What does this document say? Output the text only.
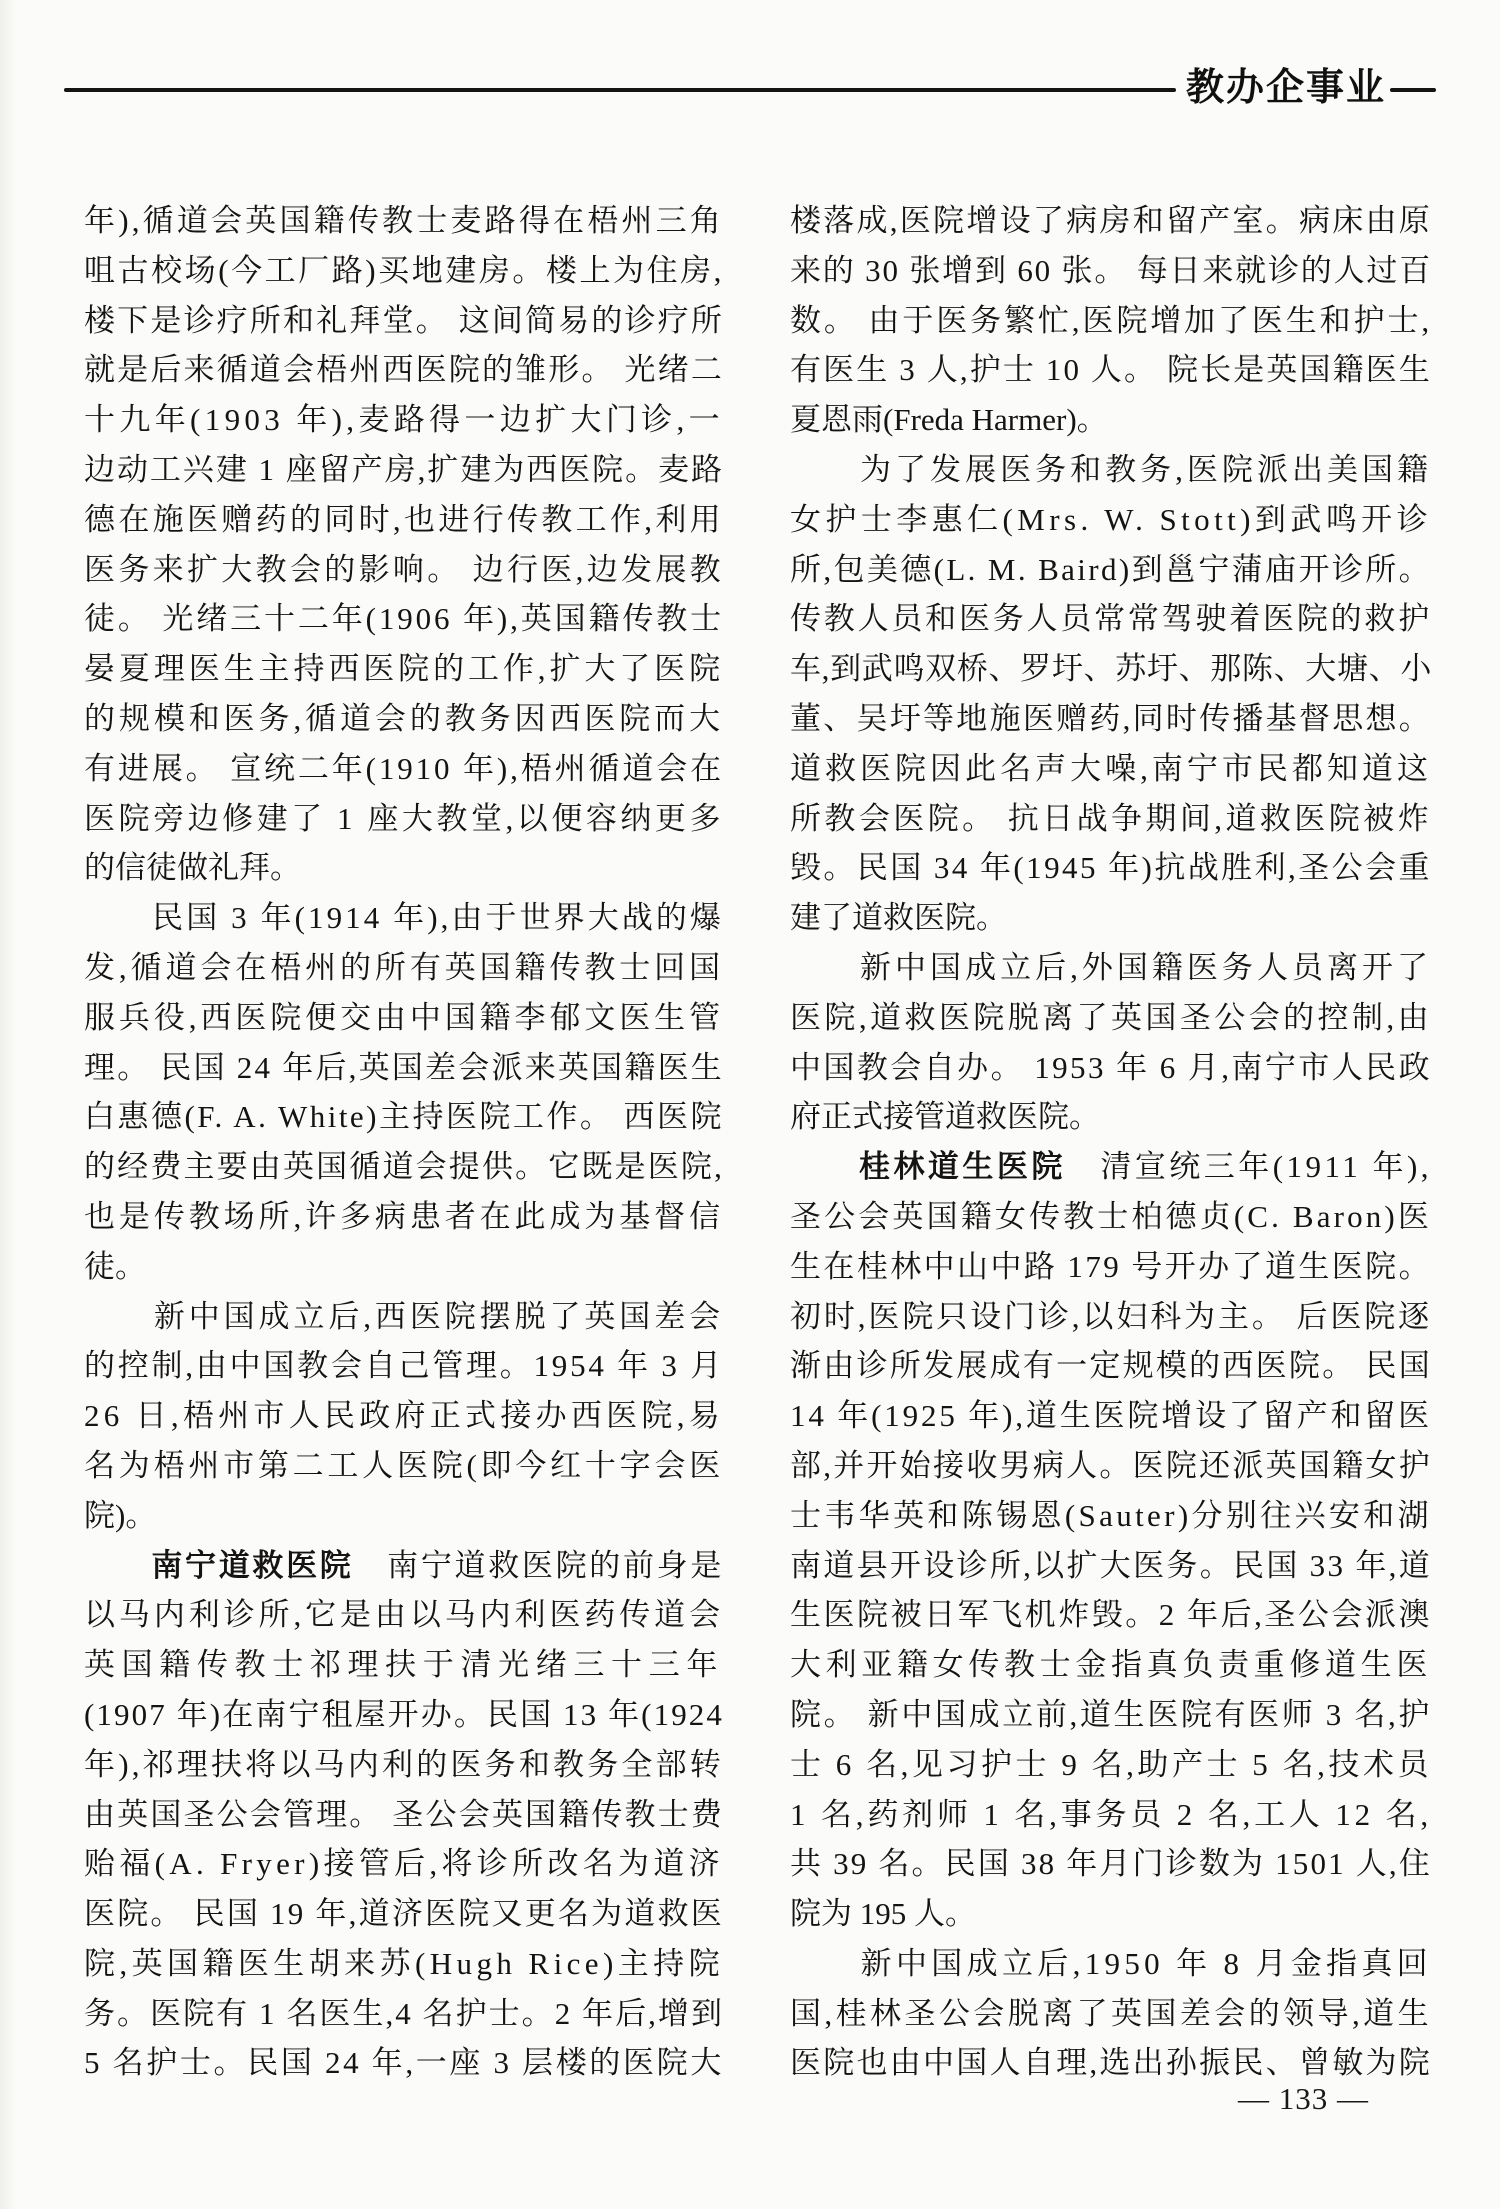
教办企事业
年),循道会英国籍传教士麦路得在梧州三角
咀古校场(今工厂路)买地建房。楼上为住房,
楼下是诊疗所和礼拜堂。 这间简易的诊疗所
就是后来循道会梧州西医院的雏形。 光绪二
十九年(1903 年),麦路得一边扩大门诊,一
边动工兴建 1 座留产房,扩建为西医院。麦路
德在施医赠药的同时,也进行传教工作,利用
医务来扩大教会的影响。 边行医,边发展教
徒。 光绪三十二年(1906 年),英国籍传教士
晏夏理医生主持西医院的工作,扩大了医院
的规模和医务,循道会的教务因西医院而大
有进展。 宣统二年(1910 年),梧州循道会在
医院旁边修建了 1 座大教堂,以便容纳更多
的信徒做礼拜。
　　民国 3 年(1914 年),由于世界大战的爆
发,循道会在梧州的所有英国籍传教士回国
服兵役,西医院便交由中国籍李郁文医生管
理。 民国 24 年后,英国差会派来英国籍医生
白惠德(F. A. White)主持医院工作。 西医院
的经费主要由英国循道会提供。它既是医院,
也是传教场所,许多病患者在此成为基督信
徒。
　　新中国成立后,西医院摆脱了英国差会
的控制,由中国教会自己管理。1954 年 3 月
26 日,梧州市人民政府正式接办西医院,易
名为梧州市第二工人医院(即今红十字会医
院)。
　　南宁道救医院　南宁道救医院的前身是
以马内利诊所,它是由以马内利医药传道会
英国籍传教士祁理扶于清光绪三十三年
(1907 年)在南宁租屋开办。民国 13 年(1924
年),祁理扶将以马内利的医务和教务全部转
由英国圣公会管理。 圣公会英国籍传教士费
贻福(A. Fryer)接管后,将诊所改名为道济
医院。 民国 19 年,道济医院又更名为道救医
院,英国籍医生胡来苏(Hugh Rice)主持院
务。医院有 1 名医生,4 名护士。2 年后,增到
5 名护士。民国 24 年,一座 3 层楼的医院大
楼落成,医院增设了病房和留产室。病床由原
来的 30 张增到 60 张。 每日来就诊的人过百
数。 由于医务繁忙,医院增加了医生和护士,
有医生 3 人,护士 10 人。 院长是英国籍医生
夏恩雨(Freda Harmer)。
　　为了发展医务和教务,医院派出美国籍
女护士李惠仁(Mrs. W. Stott)到武鸣开诊
所,包美德(L. M. Baird)到邕宁蒲庙开诊所。
传教人员和医务人员常常驾驶着医院的救护
车,到武鸣双桥、罗圩、苏圩、那陈、大塘、小
董、吴圩等地施医赠药,同时传播基督思想。
道救医院因此名声大噪,南宁市民都知道这
所教会医院。 抗日战争期间,道救医院被炸
毁。民国 34 年(1945 年)抗战胜利,圣公会重
建了道救医院。
　　新中国成立后,外国籍医务人员离开了
医院,道救医院脱离了英国圣公会的控制,由
中国教会自办。 1953 年 6 月,南宁市人民政
府正式接管道救医院。
　　桂林道生医院　清宣统三年(1911 年),
圣公会英国籍女传教士柏德贞(C. Baron)医
生在桂林中山中路 179 号开办了道生医院。
初时,医院只设门诊,以妇科为主。 后医院逐
渐由诊所发展成有一定规模的西医院。 民国
14 年(1925 年),道生医院增设了留产和留医
部,并开始接收男病人。医院还派英国籍女护
士韦华英和陈锡恩(Sauter)分别往兴安和湖
南道县开设诊所,以扩大医务。民国 33 年,道
生医院被日军飞机炸毁。2 年后,圣公会派澳
大利亚籍女传教士金指真负责重修道生医
院。 新中国成立前,道生医院有医师 3 名,护
士 6 名,见习护士 9 名,助产士 5 名,技术员
1 名,药剂师 1 名,事务员 2 名,工人 12 名,
共 39 名。民国 38 年月门诊数为 1501 人,住
院为 195 人。
　　新中国成立后,1950 年 8 月金指真回
国,桂林圣公会脱离了英国差会的领导,道生
医院也由中国人自理,选出孙振民、曾敏为院
— 133 —
